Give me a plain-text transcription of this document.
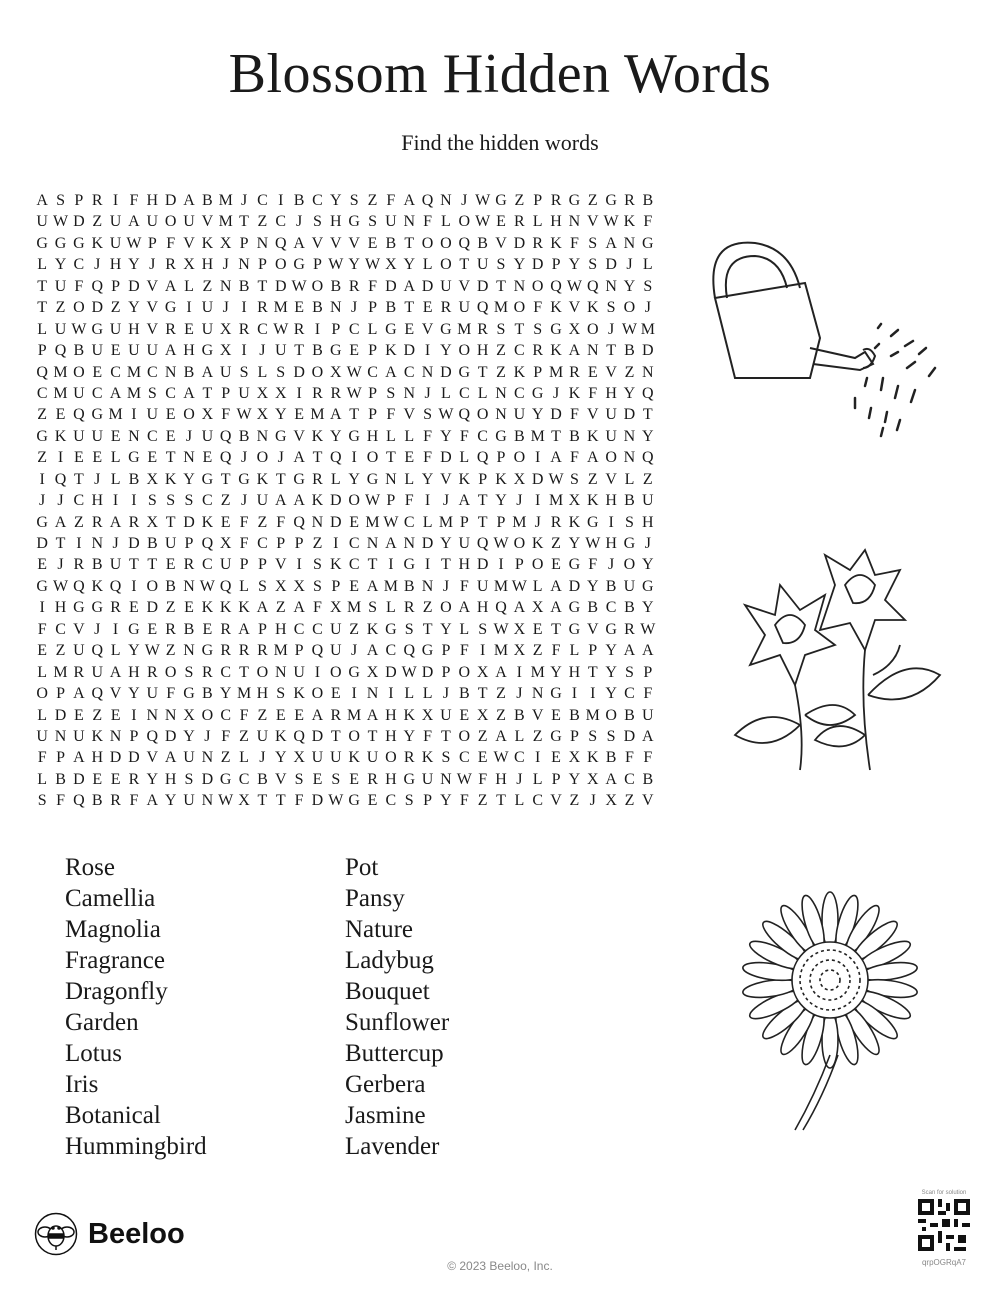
Blossom Hidden Words
Find the hidden words
A S P R I F H D A B M J C I B C Y S Z F A Q N J W G Z P R G Z G R B
U W D Z U A U O U V M T Z C J S H G S U N F L O W E R L H N V W K F
G G G K U W P F V K X P N Q A V V V E B T O O Q B V D R K F S A N G
L Y C J H Y J R X H J N P O G P W Y W X Y L O T U S Y D P Y S D J L
T U F Q P D V A L Z N B T D W O B R F D A D U V D T N O Q W Q N Y S
T Z O D Z Y V G I U J I R M E B N J P B T E R U Q M O F K V K S O J
L U W G U H V R E U X R C W R I P C L G E V G M R S T S G X O J W M
P Q B U E U U A H G X I J U T B G E P K D I Y O H Z C R K A N T B D
Q M O E C M C N B A U S L S D O X W C A C N D G T Z K P M R E V Z N
C M U C A M S C A T P U X X I R R W P S N J L C L N C G J K F H Y Q
Z E Q G M I U E O X F W X Y E M A T P F V S W Q O N U Y D F V U D T
G K U U E N C E J U Q B N G V K Y G H L L F Y F C G B M T B K U N Y
Z I E E L G E T N E Q J O J A T Q I O T E F D L Q P O I A F A O N Q
I Q T J L B X K Y G T G K T G R L Y G N L Y V K P K X D W S Z V L Z
J J C H I I S S S C Z J U A A K D O W P F I J A T Y J I M X K H B U
G A Z R A R X T D K E F Z F Q N D E M W C L M P T P M J R K G I S H
D T I N J D B U P Q X F C P P Z I C N A N D Y U Q W O K Z Y W H G J
E J R B U T T E R C U P P V I S K C T I G I T H D I P O E G F J O Y
G W Q K Q I O B N W Q L S X X S P E A M B N J F U M W L A D Y B U G
I H G G R E D Z E K K K A Z A F X M S L R Z O A H Q A X A G B C B Y
F C V J I G E R B E R A P H C C U Z K G S T Y L S W X E T G V G R W
E Z U Q L Y W Z N G R R R M P Q U J A C Q G P F I M X Z F L P Y A A
L M R U A H R O S R C T O N U I O G X D W D P O X A I M Y H T Y S P
O P A Q V Y U F G B Y M H S K O E I N I L L J B T Z J N G I I Y C F
L D E Z E I N N X O C F Z E E A R M A H K X U E X Z B V E B M O B U
U N U K N P Q D Y J F Z U K Q D T O T H Y F T O Z A L Z G P S S D A
F P A H D D V A U N Z L J Y X U U K U O R K S C E W C I E X K B F F
L B D E E R Y H S D G C B V S E S E R H G U N W F H J L P Y X A C B
S F Q B R F A Y U N W X T T F D W G E C S P Y F Z T L C V Z J X Z V
Rose
Camellia
Magnolia
Fragrance
Dragonfly
Garden
Lotus
Iris
Botanical
Hummingbird
Pot
Pansy
Nature
Ladybug
Bouquet
Sunflower
Buttercup
Gerbera
Jasmine
Lavender
Beeloo
© 2023 Beeloo, Inc.
Scan for solution
qrpOGRqA7
